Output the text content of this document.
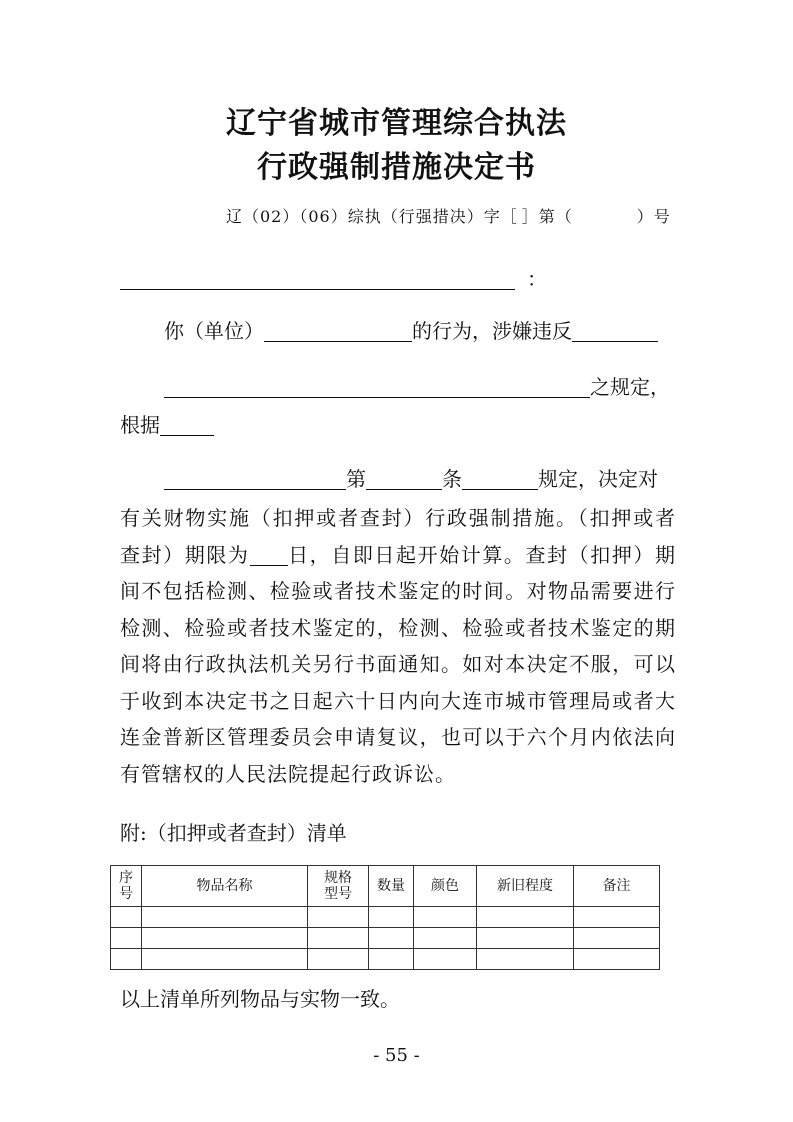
辽宁省城市管理综合执法
行政强制措施决定书
辽（02）（06）综执（行强措决）字［ ］第（	）号
：
你（单位）	的行为，涉嫌违反
之规定，
根据
第	条	规定，决定对
有关财物实施（扣押或者查封）行政强制措施。（扣押或者查封）期限为 日，自即日起开始计算。查封（扣押）期间不包括检测、检验或者技术鉴定的时间。对物品需要进行检测、检验或者技术鉴定的，检测、检验或者技术鉴定的期间将由行政执法机关另行书面通知。如对本决定不服，可以于收到本决定书之日起六十日内向大连市城市管理局或者大连金普新区管理委员会申请复议，也可以于六个月内依法向有管辖权的人民法院提起行政诉讼。
附:（扣押或者查封）清单
序号	物品名称	规格型号	数量	颜色	新旧程度	备注

以上清单所列物品与实物一致。
- 55 -
